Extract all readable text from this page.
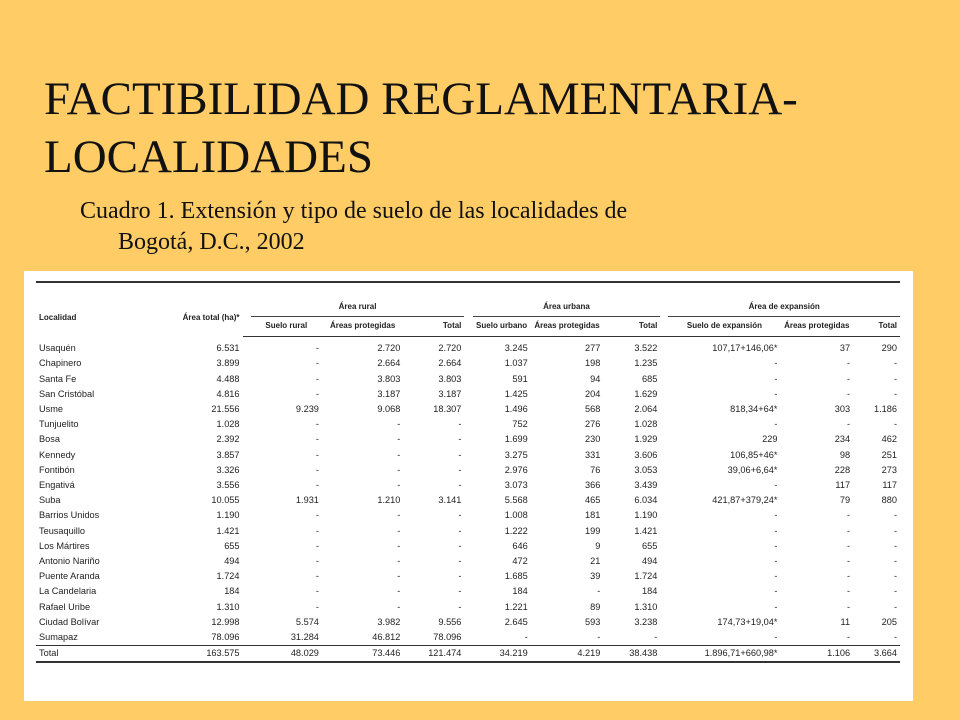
FACTIBILIDAD REGLAMENTARIA- LOCALIDADES
Cuadro 1. Extensión y tipo de suelo de las localidades de
Bogotá, D.C., 2002

Localidad	Área total (ha)*		Área rural				Área urbana				Área de expansión		
			Suelo rural	Áreas protegidas	Total		Suelo urbano	Áreas protegidas	Total		Suelo de expansión	Áreas protegidas	Total
Usaquén	6.531		-	2.720	2.720		3.245	277	3.522		107,17+146,06*	37	290
Chapinero	3.899		-	2.664	2.664		1.037	198	1.235		-	-	-
Santa Fe	4.488		-	3.803	3.803		591	94	685		-	-	-
San Cristóbal	4.816		-	3.187	3.187		1.425	204	1.629		-	-	-
Usme	21.556		9.239	9.068	18.307		1.496	568	2.064		818,34+64*	303	1.186
Tunjuelito	1.028		-	-	-		752	276	1.028		-	-	-
Bosa	2.392		-	-	-		1.699	230	1.929		229	234	462
Kennedy	3.857		-	-	-		3.275	331	3.606		106,85+46*	98	251
Fontibón	3.326		-	-	-		2.976	76	3.053		39,06+6,64*	228	273
Engativá	3.556		-	-	-		3.073	366	3.439		-	117	117
Suba	10.055		1.931	1.210	3.141		5.568	465	6.034		421,87+379,24*	79	880
Barrios Unidos	1.190		-	-	-		1.008	181	1.190		-	-	-
Teusaquillo	1.421		-	-	-		1.222	199	1.421		-	-	-
Los Mártires	655		-	-	-		646	9	655		-	-	-
Antonio Nariño	494		-	-	-		472	21	494		-	-	-
Puente Aranda	1.724		-	-	-		1.685	39	1.724		-	-	-
La Candelaria	184		-	-	-		184	-	184		-	-	-
Rafael Uribe	1.310		-	-	-		1.221	89	1.310		-	-	-
Ciudad Bolívar	12.998		5.574	3.982	9.556		2.645	593	3.238		174,73+19,04*	11	205
Sumapaz	78.096		31.284	46.812	78.096		-	-	-		-	-	-
Total	163.575		48.029	73.446	121.474		34.219	4.219	38.438		1.896,71+660,98*	1.106	3.664
